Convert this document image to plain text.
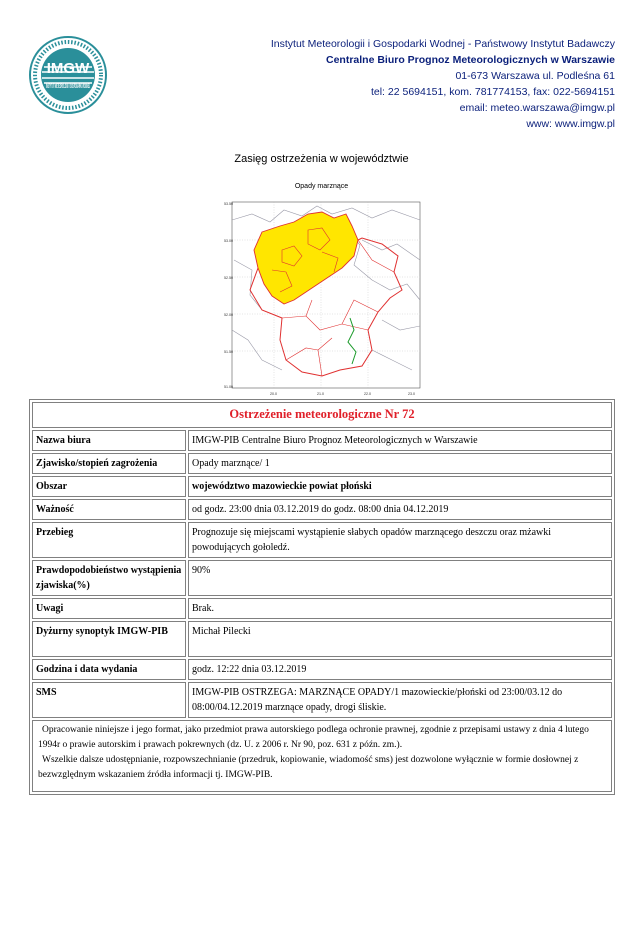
IMGW
INSTYTUT METEOROLOGII I GOSPODARKI WODNEJ
Instytut Meteorologii i Gospodarki Wodnej - Państwowy Instytut Badawczy
Centralne Biuro Prognoz Meteorologicznych w Warszawie
01-673 Warszawa ul. Podleśna 61
tel: 22 5694151, kom. 781774153, fax: 022-5694151
email: meteo.warszawa@imgw.pl
www: www.imgw.pl
Zasięg ostrzeżenia w województwie
Opady marznące
53.50
53.00
52.50
52.00
51.50
51.00
20.0	21.0	22.0	23.0
Ostrzeżenie meteorologiczne Nr 72	
Nazwa biura	IMGW-PIB Centralne Biuro Prognoz Meteorologicznych w Warszawie
Zjawisko/stopień zagrożenia	Opady marznące/ 1
Obszar	województwo mazowieckie powiat płoński
Ważność	od godz. 23:00 dnia 03.12.2019 do godz. 08:00 dnia 04.12.2019
Przebieg	Prognozuje się miejscami wystąpienie słabych opadów marznącego deszczu oraz mżawki powodujących gołoledź.
Prawdopodobieństwo wystąpienia zjawiska(%)	90%
Uwagi	Brak.
Dyżurny synoptyk IMGW-PIB	Michał Pilecki
Godzina i data wydania	godz. 12:22 dnia 03.12.2019
SMS	IMGW-PIB OSTRZEGA: MARZNĄCE OPADY/1 mazowieckie/płoński od 23:00/03.12 do 08:00/04.12.2019 marznące opady, drogi śliskie.

Opracowanie niniejsze i jego format, jako przedmiot prawa autorskiego podlega ochronie prawnej, zgodnie z przepisami ustawy z dnia 4 lutego 1994r o prawie autorskim i prawach pokrewnych (dz. U. z 2006 r. Nr 90, poz. 631 z późn. zm.).

Wszelkie dalsze udostępnianie, rozpowszechnianie (przedruk, kopiowanie, wiadomość sms) jest dozwolone wyłącznie w formie dosłownej z bezwzględnym wskazaniem źródła informacji tj. IMGW-PIB.	
